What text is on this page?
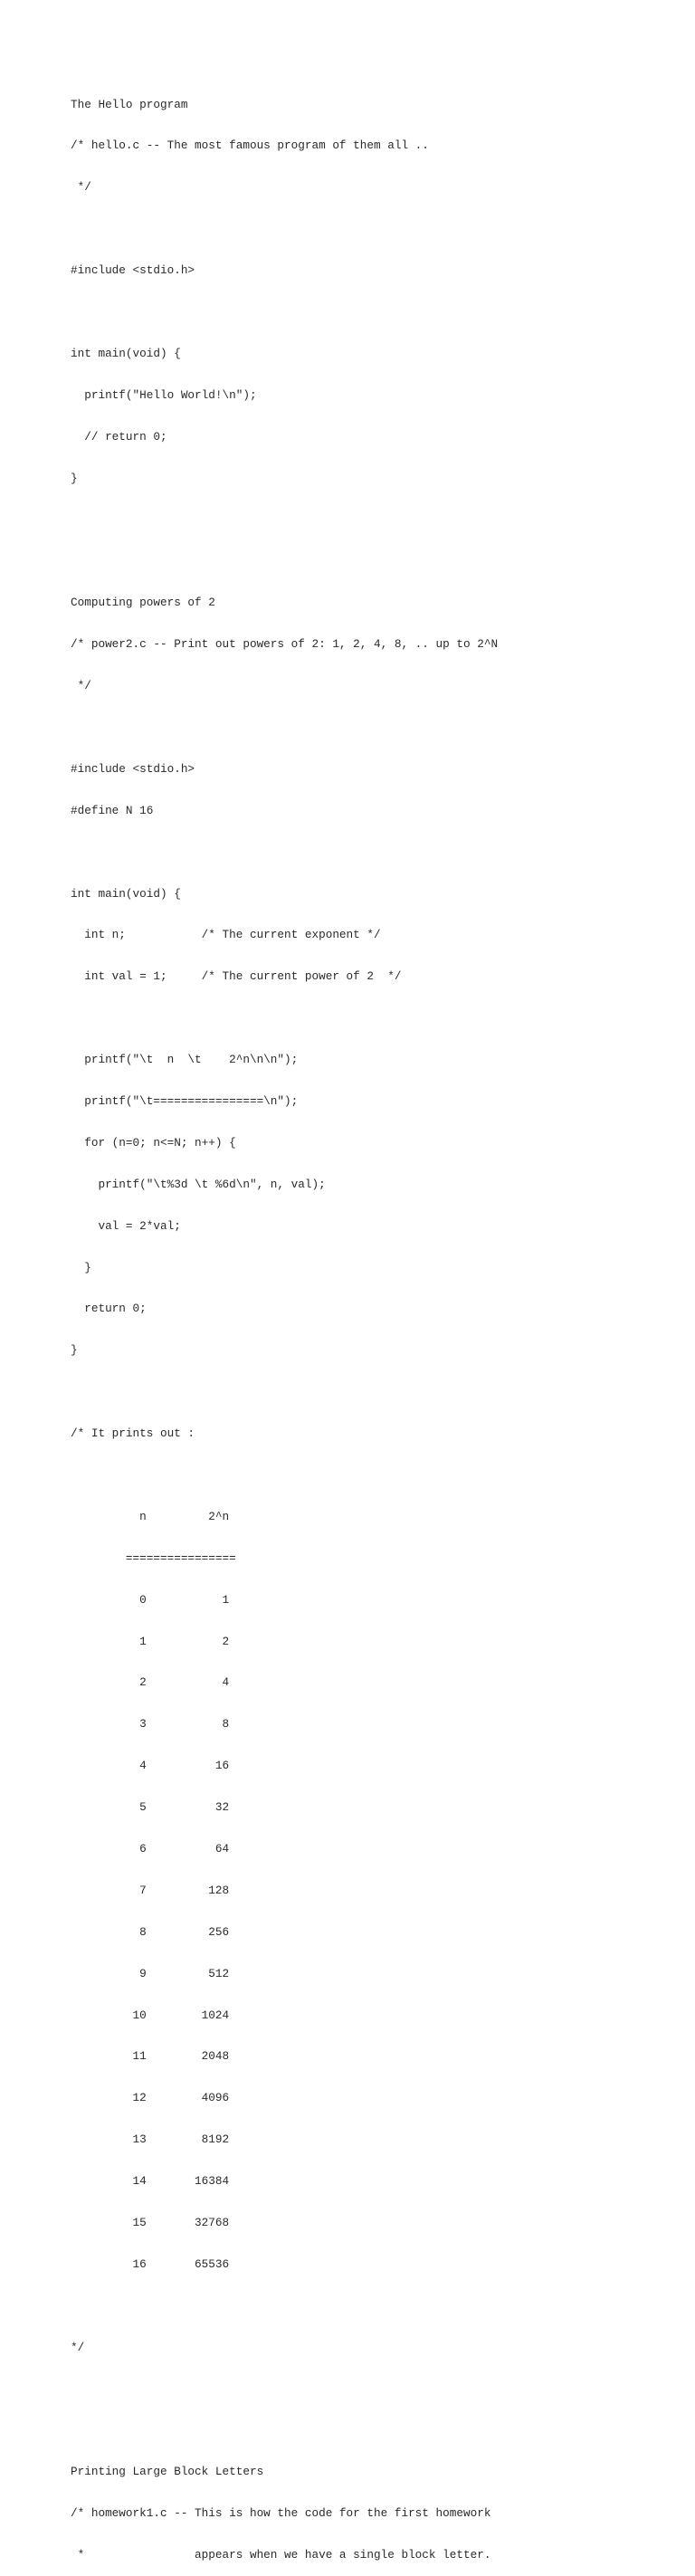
The Hello program

/* hello.c -- The most famous program of them all ..

*/

#include <stdio.h>

int main(void) {

printf("Hello World!\n");

// return 0;

}

Computing powers of 2

/* power2.c -- Print out powers of 2: 1, 2, 4, 8, .. up to 2^N

*/

#include <stdio.h>

#define N 16

int main(void) {

int n;           /* The current exponent */

int val = 1;     /* The current power of 2  */

printf("\t  n  \t    2^n\n\n");

printf("\t================\n");

for (n=0; n<=N; n++) {

printf("\t%3d \t %6d\n", n, val);

val = 2*val;

}

return 0;

}

/* It prints out :

n         2^n

================

0           1

1           2

2           4

3           8

4          16

5          32

6          64

7         128

8         256

9         512

10        1024

11        2048

12        4096

13        8192

14       16384

15       32768

16       65536

*/

Printing Large Block Letters

/* homework1.c -- This is how the code for the first homework

*                appears when we have a single block letter.
